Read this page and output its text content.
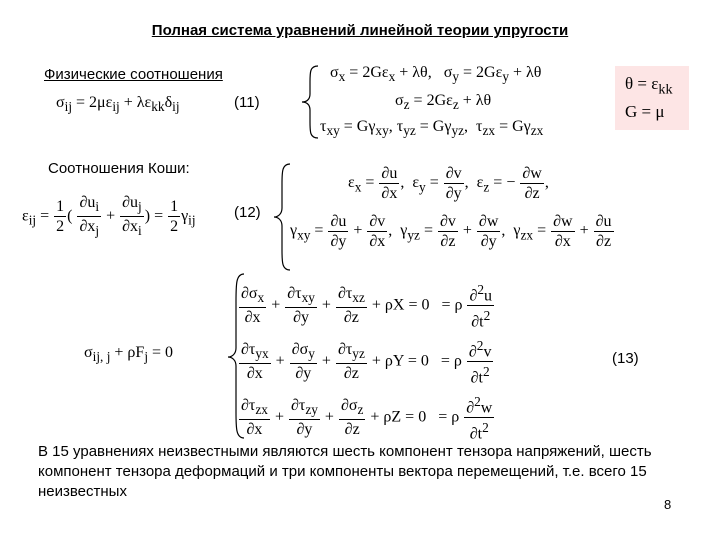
Полная система уравнений линейной теории упругости
Физические соотношения
$\sigma_{ij} = 2\mu\varepsilon_{ij} + \lambda\varepsilon_{kk}\delta_{ij}$	(11)
$\sigma_x = 2G\varepsilon_x + \lambda\theta$,   $\sigma_y = 2G\varepsilon_y + \lambda\theta$
$\sigma_z = 2G\varepsilon_z + \lambda\theta$
$\tau_{xy} = G\gamma_{xy}$, $\tau_{yz} = G\gamma_{yz}$,  $\tau_{zx} = G\gamma_{zx}$
$\theta = \varepsilon_{kk}$
G = μ
Соотношения Коши:
$\varepsilon_{ij} = \frac{1}{2}$ ( $\frac{\partial u_i}{\partial x_j} + \frac{\partial u_j}{\partial x_i}$ ) = $\frac{1}{2} \gamma_{ij}$	(12)
$\varepsilon_x = \frac{\partial u}{\partial x}$ ,  $\varepsilon_y = \frac{\partial v}{\partial y}$ ,  $\varepsilon_z$ = − $\frac{\partial w}{\partial z}$ ,
$\gamma_{xy} = \frac{\partial u}{\partial y} + \frac{\partial v}{\partial x}$ ,  $\gamma_{yz} = \frac{\partial v}{\partial z} + \frac{\partial w}{\partial y}$ ,  $\gamma_{zx} = \frac{\partial w}{\partial x} + \frac{\partial u}{\partial z}$
$\sigma_{ij, j} + \rho F_j = 0$	(13)
$\frac{\partial\sigma_x}{\partial x} + \frac{\partial\tau_{xy}}{\partial y} + \frac{\partial\tau_{xz}}{\partial z} + \rho X = 0 = \rho \frac{\partial^2u}{\partial t^2}$
$\frac{\partial\tau_{yx}}{\partial x} + \frac{\partial\sigma_y}{\partial y} + \frac{\partial\tau_{yz}}{\partial z} + \rho Y = 0 = \rho \frac{\partial^2v}{\partial t^2}$
$\frac{\partial\tau_{zx}}{\partial x} + \frac{\partial\tau_{zy}}{\partial y} + \frac{\partial\sigma_z}{\partial z} + \rho Z = 0 = \rho \frac{\partial^2w}{\partial t^2}$
В 15 уравнениях неизвестными являются шесть компонент тензора напряжений, шесть компонент тензора деформаций и три компоненты вектора перемещений, т.е. всего 15 неизвестных
8
